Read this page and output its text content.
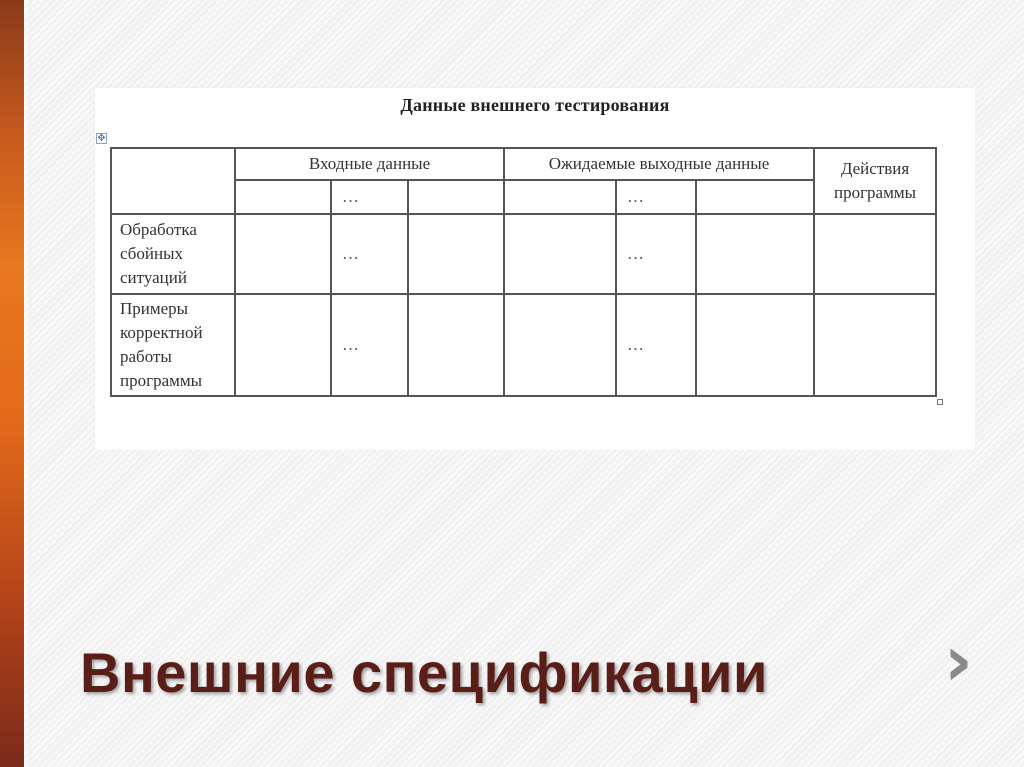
Данные внешнего тестирования
✥
	Входные данные			Ожидаемые выходные данные			Действия
программы
		…			…		
Обработка
сбойных
ситуаций		…			…		
Примеры
корректной
работы
программы		…			…		
Внешние спецификации	›
